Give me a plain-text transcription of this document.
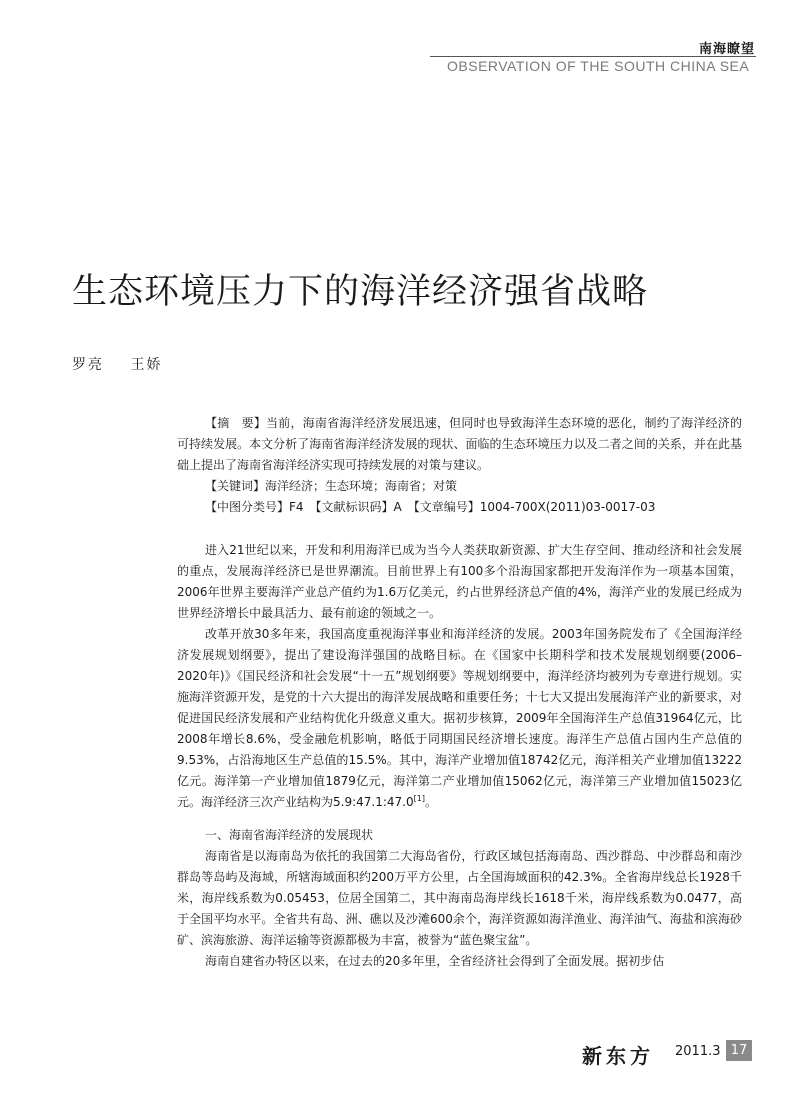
南海瞭望
OBSERVATION OF THE SOUTH CHINA SEA
生态环境压力下的海洋经济强省战略
罗亮 王娇

【摘　要】当前，海南省海洋经济发展迅速，但同时也导致海洋生态环境的恶化，制约了海洋经济的可持续发展。本文分析了海南省海洋经济发展的现状、面临的生态环境压力以及二者之间的关系，并在此基础上提出了海南省海洋经济实现可持续发展的对策与建议。

【关键词】海洋经济；生态环境；海南省；对策

【中图分类号】F4　【文献标识码】A　【文章编号】1004-700X(2011)03-0017-03

进入21世纪以来，开发和利用海洋已成为当今人类获取新资源、扩大生存空间、推动经济和社会发展的重点，发展海洋经济已是世界潮流。目前世界上有100多个沿海国家都把开发海洋作为一项基本国策，2006年世界主要海洋产业总产值约为1.6万亿美元，约占世界经济总产值的4%，海洋产业的发展已经成为世界经济增长中最具活力、最有前途的领域之一。

改革开放30多年来，我国高度重视海洋事业和海洋经济的发展。2003年国务院发布了《全国海洋经济发展规划纲要》，提出了建设海洋强国的战略目标。在《国家中长期科学和技术发展规划纲要(2006–2020年)》《国民经济和社会发展“十一五”规划纲要》等规划纲要中，海洋经济均被列为专章进行规划。实施海洋资源开发，是党的十六大提出的海洋发展战略和重要任务；十七大又提出发展海洋产业的新要求，对促进国民经济发展和产业结构优化升级意义重大。据初步核算，2009年全国海洋生产总值31964亿元，比2008年增长8.6%，受金融危机影响，略低于同期国民经济增长速度。海洋生产总值占国内生产总值的9.53%，占沿海地区生产总值的15.5%。其中，海洋产业增加值18742亿元，海洋相关产业增加值13222亿元。海洋第一产业增加值1879亿元，海洋第二产业增加值15062亿元，海洋第三产业增加值15023亿元。海洋经济三次产业结构为5.9:47.1:47.0[1]。

一、海南省海洋经济的发展现状

海南省是以海南岛为依托的我国第二大海岛省份，行政区域包括海南岛、西沙群岛、中沙群岛和南沙群岛等岛屿及海域，所辖海域面积约200万平方公里，占全国海域面积的42.3%。全省海岸线总长1928千米，海岸线系数为0.05453，位居全国第二，其中海南岛海岸线长1618千米，海岸线系数为0.0477，高于全国平均水平。全省共有岛、洲、礁以及沙滩600余个，海洋资源如海洋渔业、海洋油气、海盐和滨海砂矿、滨海旅游、海洋运输等资源都极为丰富，被誉为“蓝色聚宝盆”。

海南自建省办特区以来，在过去的20多年里，全省经济社会得到了全面发展。据初步估

新东方 2011.3 17
